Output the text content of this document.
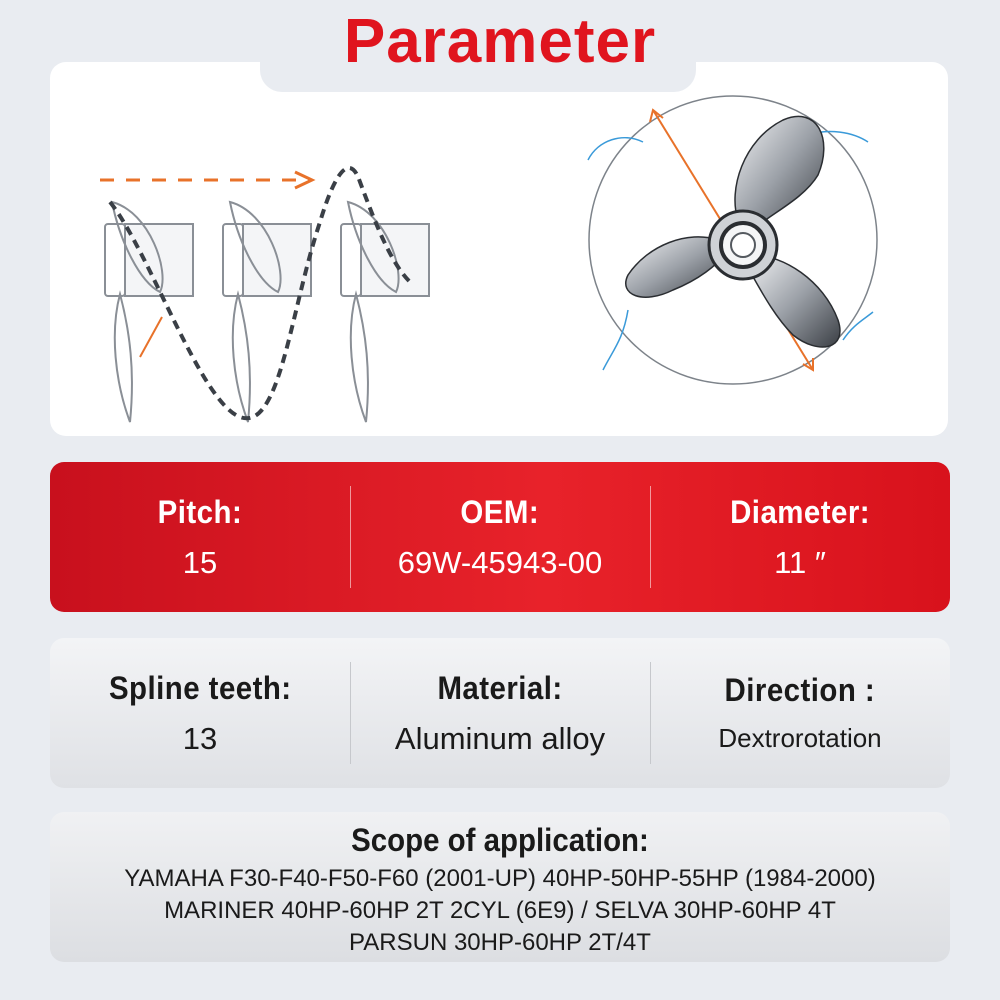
Parameter
Pitch:
15
OEM:
69W-45943-00
Diameter:
11 ″
Spline teeth:
13
Material:
Aluminum alloy
Direction :
Dextrorotation
Scope of application:
YAMAHA F30-F40-F50-F60 (2001-UP) 40HP-50HP-55HP (1984-2000)
MARINER 40HP-60HP 2T 2CYL (6E9) / SELVA 30HP-60HP 4T
PARSUN 30HP-60HP 2T/4T
